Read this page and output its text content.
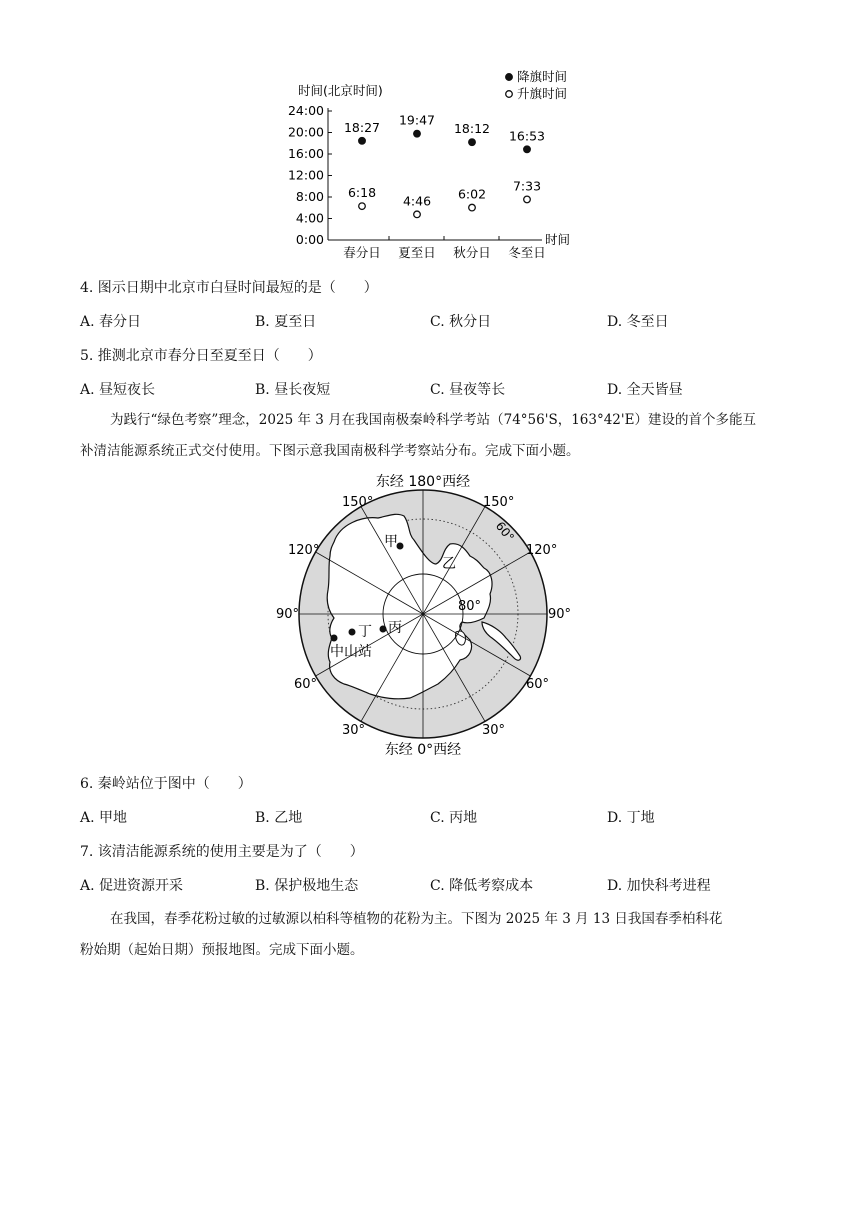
时间(北京时间)
降旗时间
升旗时间
时间
0:00
4:00
8:00
12:00
16:00
20:00
24:00
春分日 夏至日 秋分日 冬至日
18:27 19:47
18:12 16:53
6:18
4:46 6:02
7:33
4. 图示日期中北京市白昼时间最短的是（　　）
A. 春分日	B. 夏至日	C. 秋分日	D. 冬至日
5. 推测北京市春分日至夏至日（　　）
A. 昼短夜长	B. 昼长夜短	C. 昼夜等长	D. 全天皆昼
为践行“绿色考察”理念，2025 年 3 月在我国南极秦岭科学考站（74°56'S，163°42'E）建设的首个多能互
补清洁能源系统正式交付使用。下图示意我国南极科学考察站分布。完成下面小题。
东经 180°西经
东经 0°西经
150°	150°
120°	120°
90°	90°
60°	60°
30°	30°
60°
80°
甲
乙
丙
丁
中山站
6. 秦岭站位于图中（　　）
A. 甲地	B. 乙地	C. 丙地	D. 丁地
7. 该清洁能源系统的使用主要是为了（　　）
A. 促进资源开采	B. 保护极地生态	C. 降低考察成本	D. 加快科考进程
在我国，春季花粉过敏的过敏源以柏科等植物的花粉为主。下图为 2025 年 3 月 13 日我国春季柏科花
粉始期（起始日期）预报地图。完成下面小题。
